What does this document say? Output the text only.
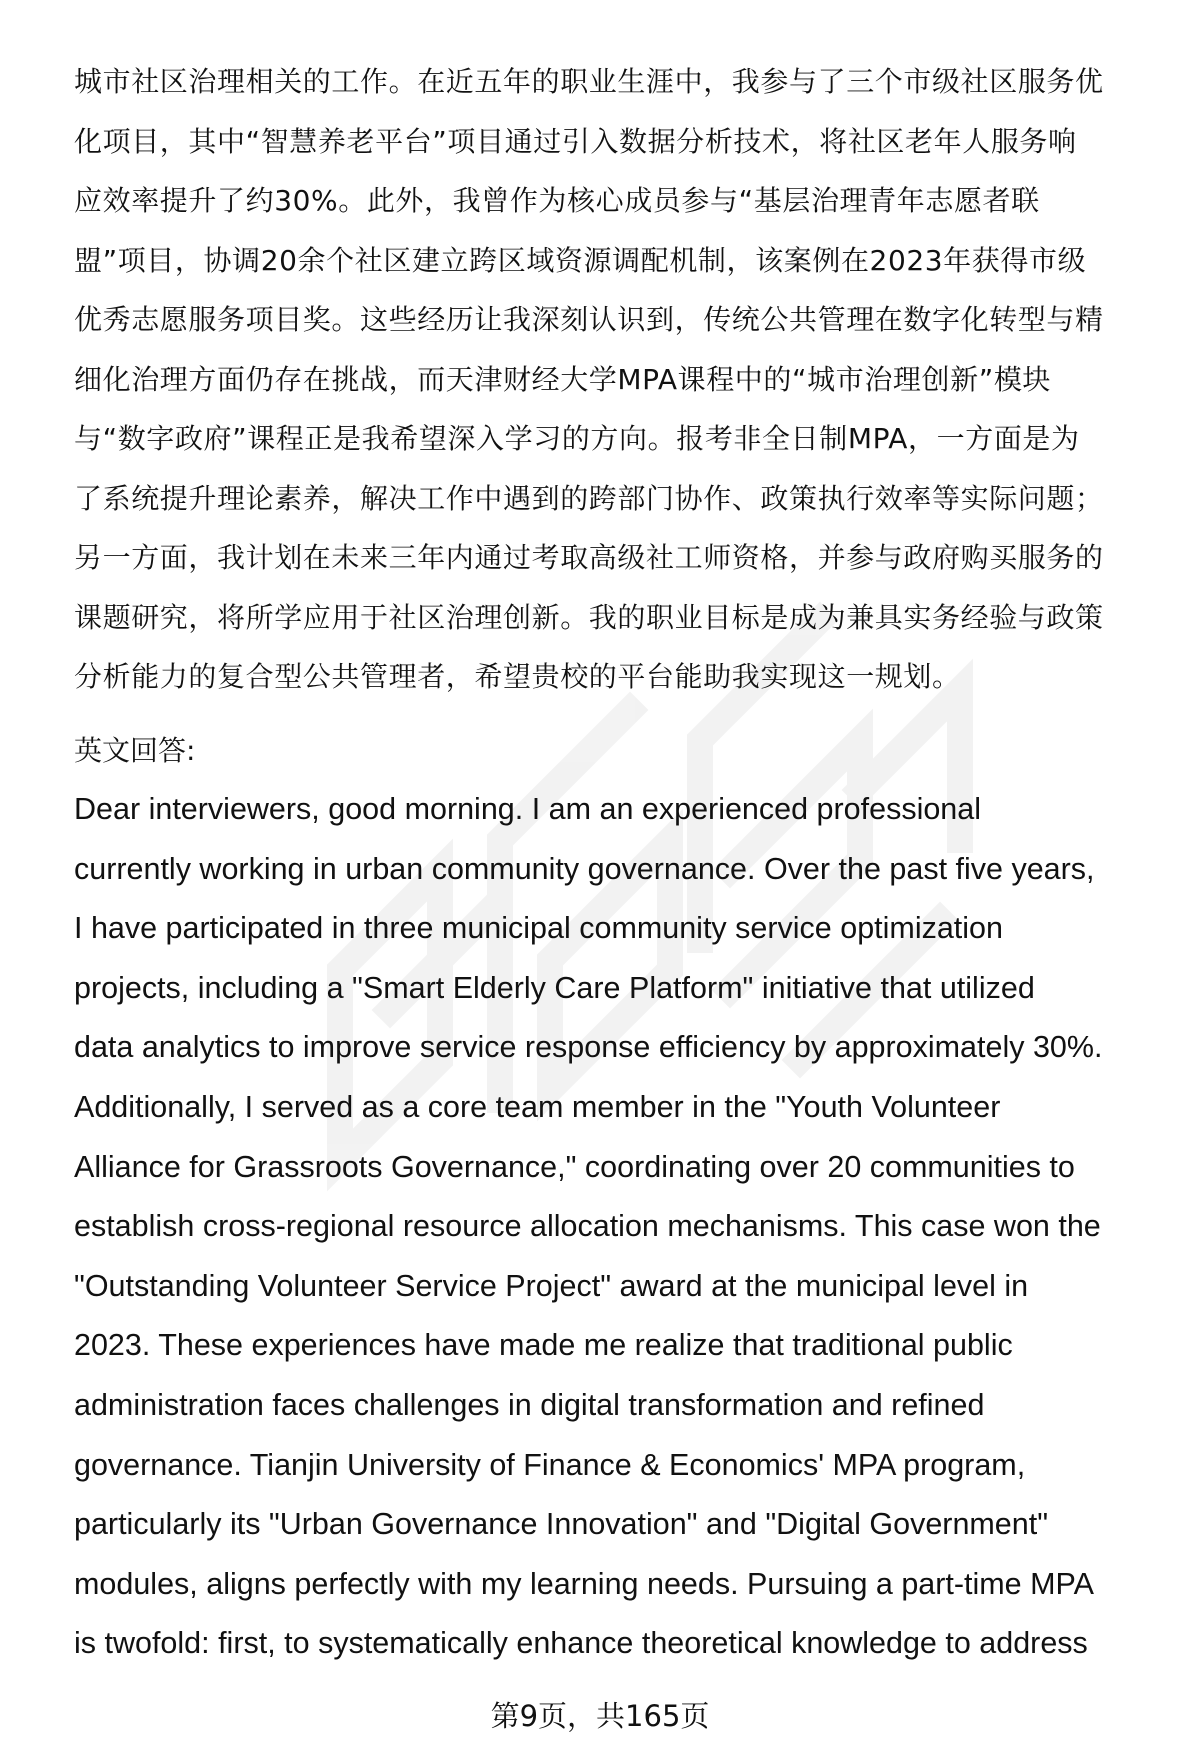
城市社区治理相关的工作。在近五年的职业生涯中，我参与了三个市级社区服务优
化项目，其中“智慧养老平台”项目通过引入数据分析技术，将社区老年人服务响
应效率提升了约30%。此外，我曾作为核心成员参与“基层治理青年志愿者联
盟”项目，协调20余个社区建立跨区域资源调配机制，该案例在2023年获得市级
优秀志愿服务项目奖。这些经历让我深刻认识到，传统公共管理在数字化转型与精
细化治理方面仍存在挑战，而天津财经大学MPA课程中的“城市治理创新”模块
与“数字政府”课程正是我希望深入学习的方向。报考非全日制MPA，一方面是为
了系统提升理论素养，解决工作中遇到的跨部门协作、政策执行效率等实际问题；
另一方面，我计划在未来三年内通过考取高级社工师资格，并参与政府购买服务的
课题研究，将所学应用于社区治理创新。我的职业目标是成为兼具实务经验与政策
分析能力的复合型公共管理者，希望贵校的平台能助我实现这一规划。
英文回答:
Dear interviewers, good morning. I am an experienced professional
currently working in urban community governance. Over the past five years,
I have participated in three municipal community service optimization
projects, including a "Smart Elderly Care Platform" initiative that utilized
data analytics to improve service response efficiency by approximately 30%.
Additionally, I served as a core team member in the "Youth Volunteer
Alliance for Grassroots Governance," coordinating over 20 communities to
establish cross-regional resource allocation mechanisms. This case won the
"Outstanding Volunteer Service Project" award at the municipal level in
2023. These experiences have made me realize that traditional public
administration faces challenges in digital transformation and refined
governance. Tianjin University of Finance & Economics' MPA program,
particularly its "Urban Governance Innovation" and "Digital Government"
modules, aligns perfectly with my learning needs. Pursuing a part-time MPA
is twofold: first, to systematically enhance theoretical knowledge to address
第9页，共165页
